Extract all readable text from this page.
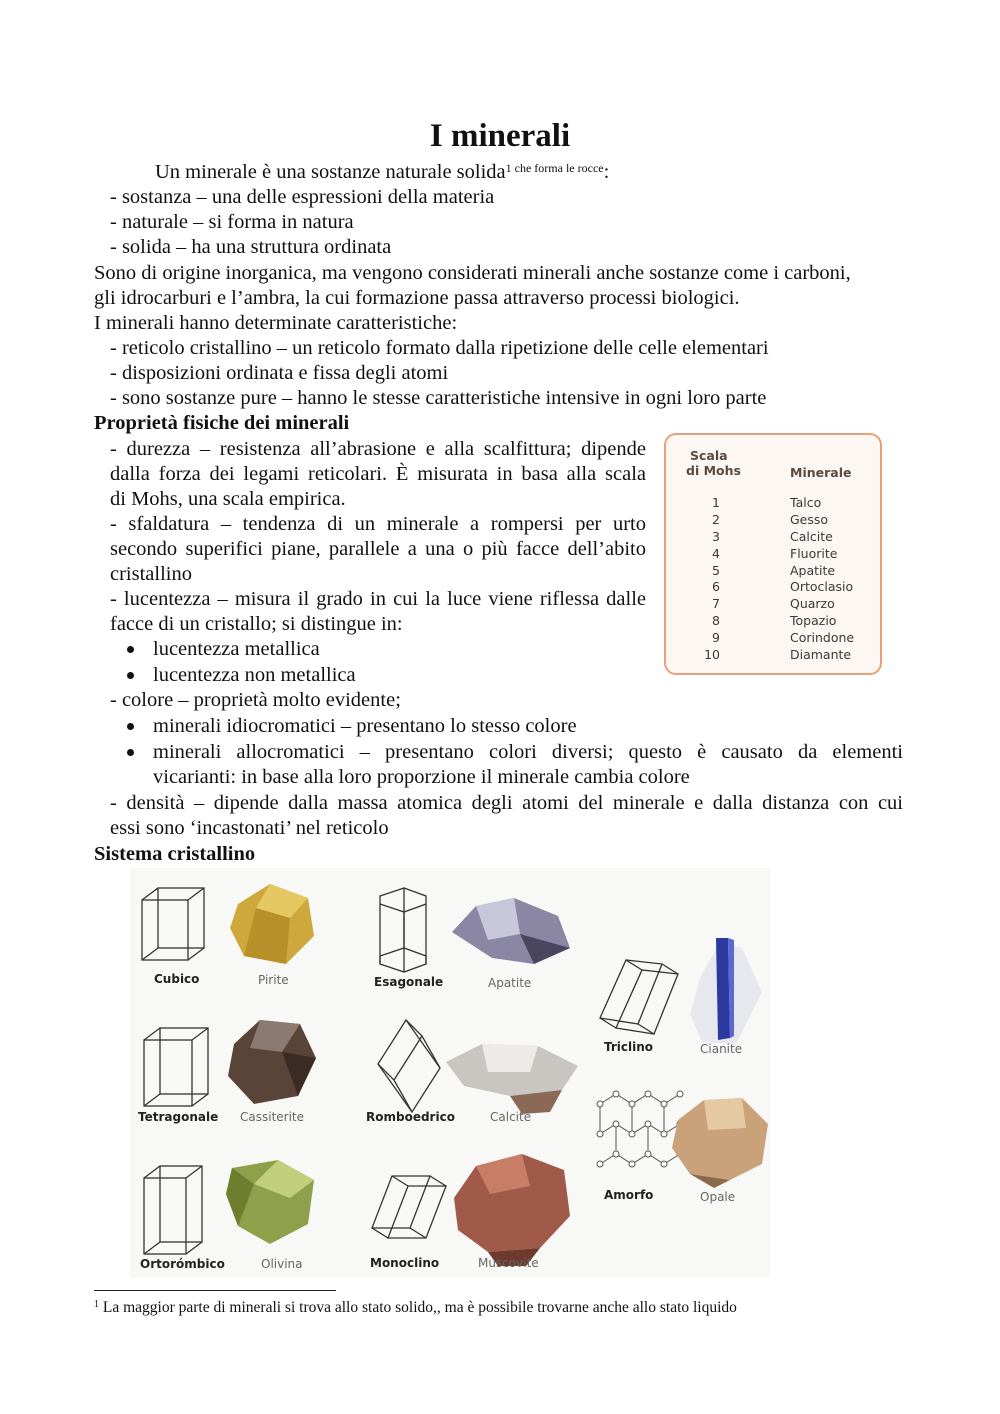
I minerali
Un minerale è una sostanze naturale solida$^{1 che forma le rocce}$:
- sostanza – una delle espressioni della materia
- naturale – si forma in natura
- solida – ha una struttura ordinata
Sono di origine inorganica, ma vengono considerati minerali anche sostanze come i carboni,
gli idrocarburi e l’ambra, la cui formazione passa attraverso processi biologici.
I minerali hanno determinate caratteristiche:
- reticolo cristallino – un reticolo formato dalla ripetizione delle celle elementari
- disposizioni ordinata e fissa degli atomi
- sono sostanze pure – hanno le stesse caratteristiche intensive in ogni loro parte
Proprietà fisiche dei minerali
- durezza – resistenza all’abrasione e alla scalfittura; dipende
dalla forza dei legami reticolari. È misurata in basa alla scala
di Mohs, una scala empirica.
- sfaldatura – tendenza di un minerale a rompersi per urto
secondo superifici piane, parallele a una o più facce dell’abito
cristallino
- lucentezza – misura il grado in cui la luce viene riflessa dalle
facce di un cristallo; si distingue in:
lucentezza metallica
lucentezza non metallica
- colore – proprietà molto evidente;
minerali idiocromatici – presentano lo stesso colore
minerali allocromatici – presentano colori diversi; questo è causato da elementi
vicarianti: in base alla loro proporzione il minerale cambia colore
- densità – dipende dalla massa atomica degli atomi del minerale e dalla distanza con cui
essi sono ‘incastonati’ nel reticolo
Sistema cristallino
Scala
di Mohs	Minerale
1	Talco
2	Gesso
3	Calcite
4	Fluorite
5	Apatite
6	Ortoclasio
7	Quarzo
8	Topazio
9	Corindone
10	Diamante
Cubico	Pirite
Tetragonale Cassiterite
Ortorómbico	Olivina
Esagonale	Apatite
Romboedrico	Calcite
Monoclino	Muscovite
Triclino	Cianite
Amorfo	Opale
$^1$ La maggior parte di minerali si trova allo stato solido,, ma è possibile trovarne anche allo stato liquido
